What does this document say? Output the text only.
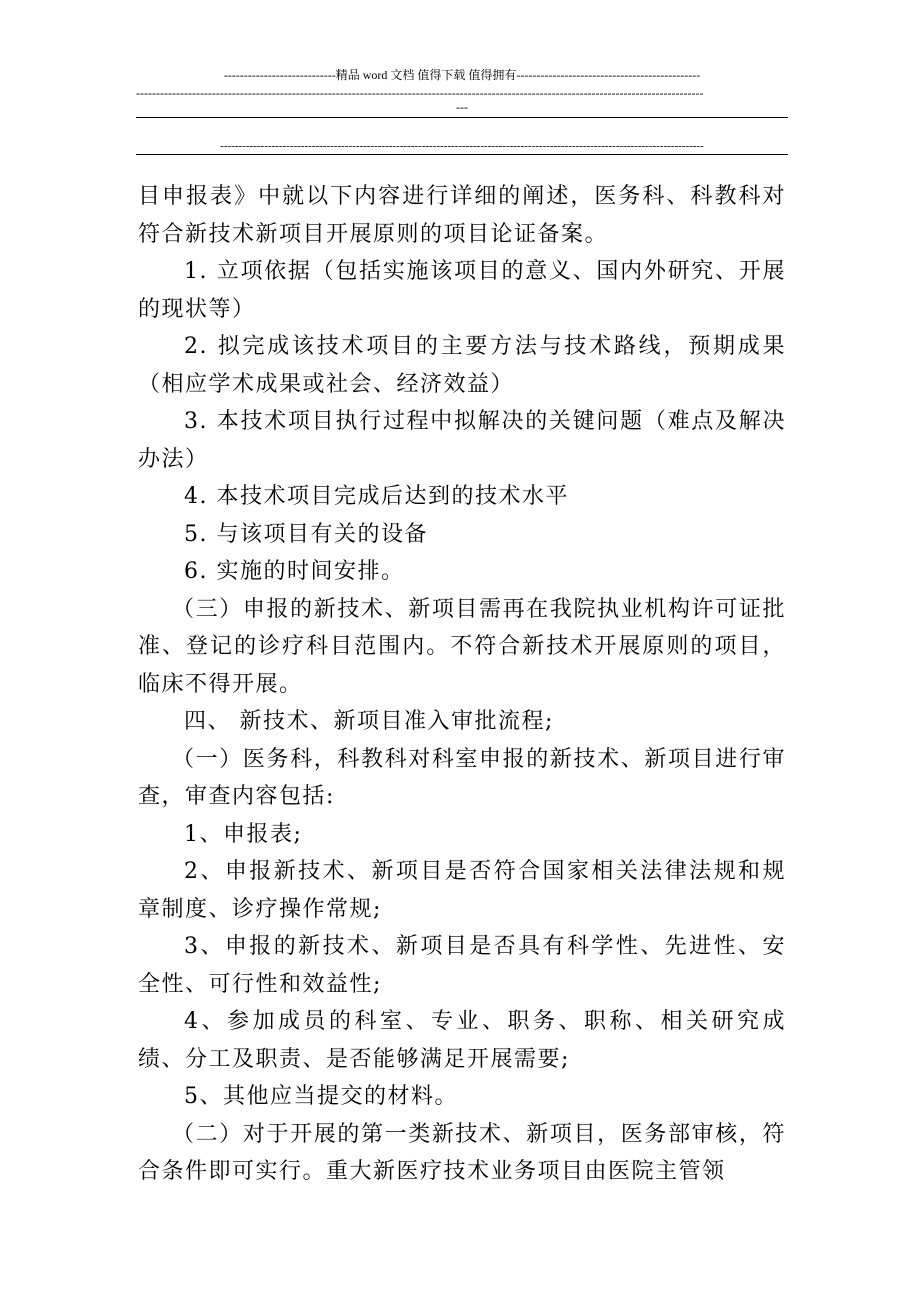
----------------------------精品 word 文档 值得下载 值得拥有----------------------------------------------
----------------------------------------------------------------------------------------------------------------------------------------------
---
------------------------------------------------------------------------------------------------------------------------------------

目申报表》中就以下内容进行详细的阐述，医务科、科教科对符合新技术新项目开展原则的项目论证备案。

1. 立项依据（包括实施该项目的意义、国内外研究、开展的现状等）

2. 拟完成该技术项目的主要方法与技术路线，预期成果（相应学术成果或社会、经济效益）

3. 本技术项目执行过程中拟解决的关键问题（难点及解决办法）

4. 本技术项目完成后达到的技术水平

5. 与该项目有关的设备

6. 实施的时间安排。

（三）申报的新技术、新项目需再在我院执业机构许可证批准、登记的诊疗科目范围内。不符合新技术开展原则的项目，临床不得开展。

四、 新技术、新项目准入审批流程;

（一）医务科，科教科对科室申报的新技术、新项目进行审查，审查内容包括:

1、申报表;

2、申报新技术、新项目是否符合国家相关法律法规和规章制度、诊疗操作常规;

3、申报的新技术、新项目是否具有科学性、先进性、安全性、可行性和效益性;

4、参加成员的科室、专业、职务、职称、相关研究成绩、分工及职责、是否能够满足开展需要;

5、其他应当提交的材料。

（二）对于开展的第一类新技术、新项目，医务部审核，符合条件即可实行。重大新医疗技术业务项目由医院主管领
